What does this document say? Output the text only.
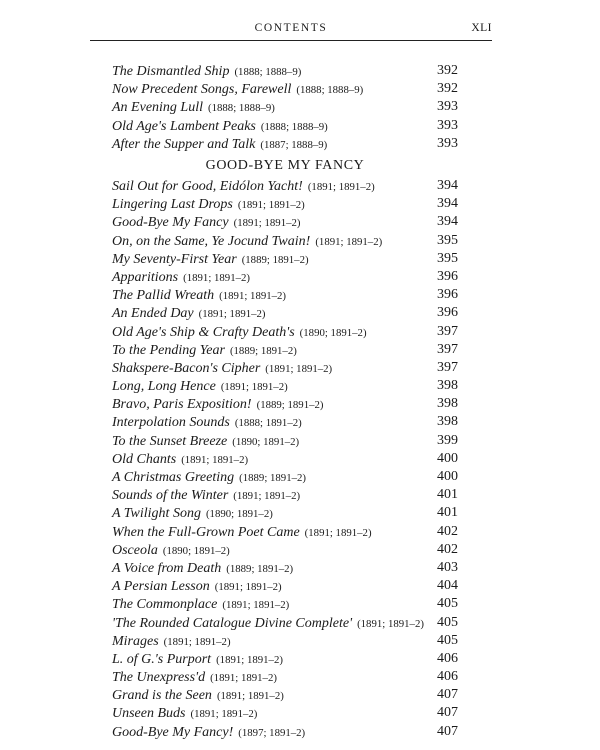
CONTENTS	XLI
The Dismantled Ship (1888; 1888–9)	392
Now Precedent Songs, Farewell (1888; 1888–9)	392
An Evening Lull (1888; 1888–9)	393
Old Age's Lambent Peaks (1888; 1888–9)	393
After the Supper and Talk (1887; 1888–9)	393
GOOD-BYE MY FANCY
Sail Out for Good, Eidólon Yacht! (1891; 1891–2)	394
Lingering Last Drops (1891; 1891–2)	394
Good-Bye My Fancy (1891; 1891–2)	394
On, on the Same, Ye Jocund Twain! (1891; 1891–2)	395
My Seventy-First Year (1889; 1891–2)	395
Apparitions (1891; 1891–2)	396
The Pallid Wreath (1891; 1891–2)	396
An Ended Day (1891; 1891–2)	396
Old Age's Ship & Crafty Death's (1890; 1891–2)	397
To the Pending Year (1889; 1891–2)	397
Shakspere-Bacon's Cipher (1891; 1891–2)	397
Long, Long Hence (1891; 1891–2)	398
Bravo, Paris Exposition! (1889; 1891–2)	398
Interpolation Sounds (1888; 1891–2)	398
To the Sunset Breeze (1890; 1891–2)	399
Old Chants (1891; 1891–2)	400
A Christmas Greeting (1889; 1891–2)	400
Sounds of the Winter (1891; 1891–2)	401
A Twilight Song (1890; 1891–2)	401
When the Full-Grown Poet Came (1891; 1891–2)	402
Osceola (1890; 1891–2)	402
A Voice from Death (1889; 1891–2)	403
A Persian Lesson (1891; 1891–2)	404
The Commonplace (1891; 1891–2)	405
'The Rounded Catalogue Divine Complete' (1891; 1891–2) 405
Mirages (1891; 1891–2)	405
L. of G.'s Purport (1891; 1891–2)	406
The Unexpress'd (1891; 1891–2)	406
Grand is the Seen (1891; 1891–2)	407
Unseen Buds (1891; 1891–2)	407
Good-Bye My Fancy! (1897; 1891–2)	407
